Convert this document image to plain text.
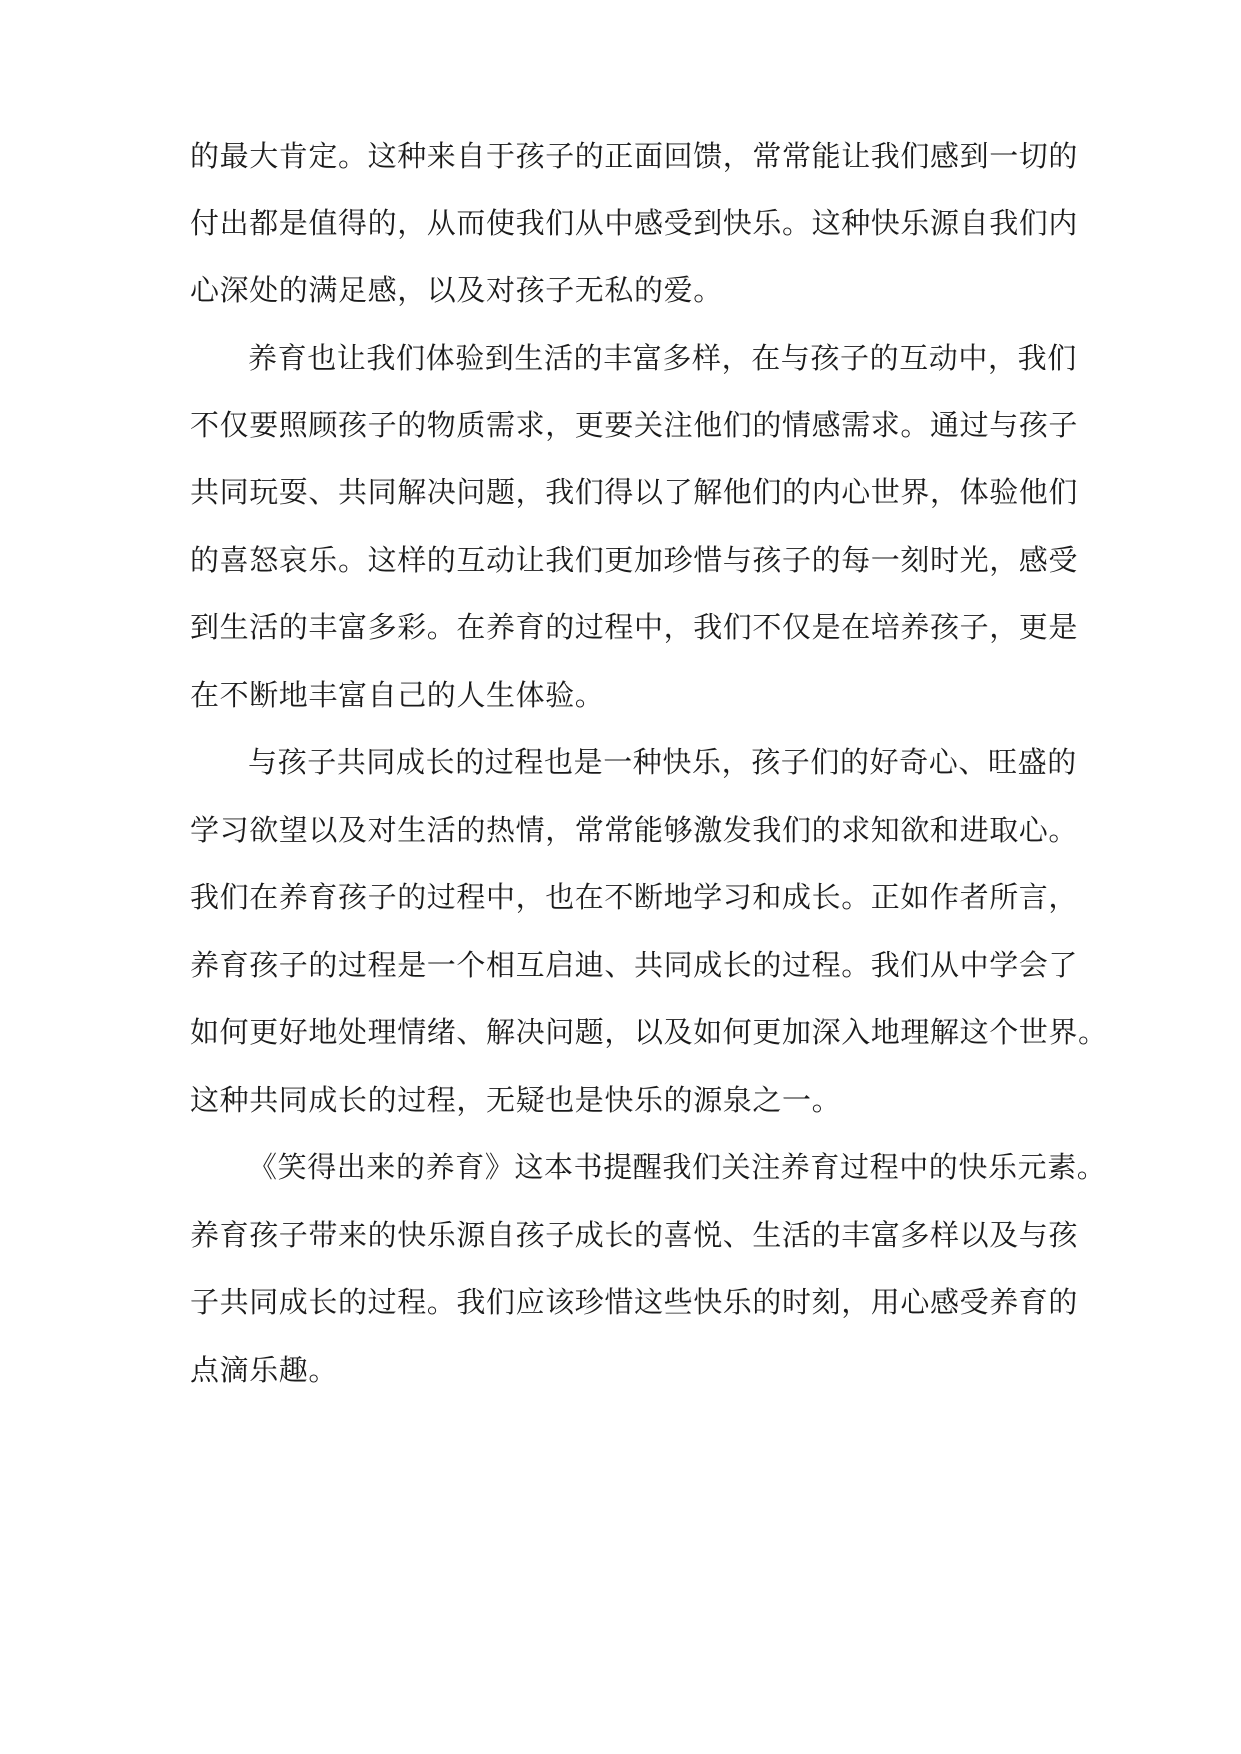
的最大肯定。这种来自于孩子的正面回馈，常常能让我们感到一切的
付出都是值得的，从而使我们从中感受到快乐。这种快乐源自我们内
心深处的满足感，以及对孩子无私的爱。
养育也让我们体验到生活的丰富多样，在与孩子的互动中，我们
不仅要照顾孩子的物质需求，更要关注他们的情感需求。通过与孩子
共同玩耍、共同解决问题，我们得以了解他们的内心世界，体验他们
的喜怒哀乐。这样的互动让我们更加珍惜与孩子的每一刻时光，感受
到生活的丰富多彩。在养育的过程中，我们不仅是在培养孩子，更是
在不断地丰富自己的人生体验。
与孩子共同成长的过程也是一种快乐，孩子们的好奇心、旺盛的
学习欲望以及对生活的热情，常常能够激发我们的求知欲和进取心。
我们在养育孩子的过程中，也在不断地学习和成长。正如作者所言，
养育孩子的过程是一个相互启迪、共同成长的过程。我们从中学会了
如何更好地处理情绪、解决问题，以及如何更加深入地理解这个世界。
这种共同成长的过程，无疑也是快乐的源泉之一。
《笑得出来的养育》这本书提醒我们关注养育过程中的快乐元素。
养育孩子带来的快乐源自孩子成长的喜悦、生活的丰富多样以及与孩
子共同成长的过程。我们应该珍惜这些快乐的时刻，用心感受养育的
点滴乐趣。
